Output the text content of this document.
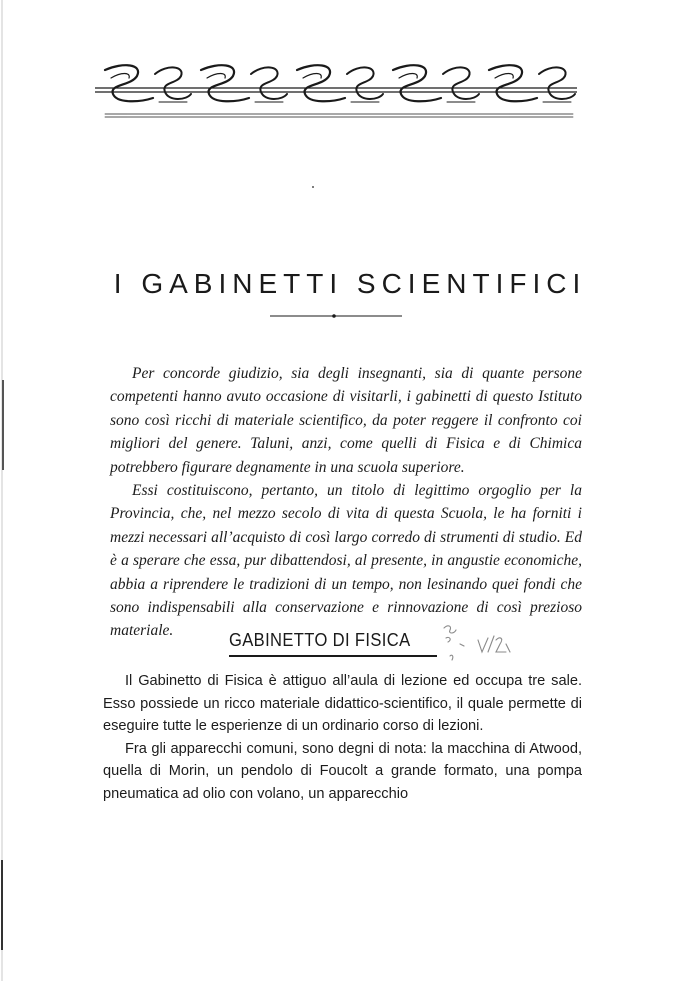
I GABINETTI SCIENTIFICI

Per concorde giudizio, sia degli insegnanti, sia di quante persone competenti hanno avuto occasione di visitarli, i gabinetti di questo Istituto sono così ricchi di materiale scientifico, da poter reggere il confronto coi migliori del genere. Taluni, anzi, come quelli di Fisica e di Chimica potrebbero figurare degnamente in una scuola superiore.

Essi costituiscono, pertanto, un titolo di legittimo orgoglio per la Provincia, che, nel mezzo secolo di vita di questa Scuola, le ha forniti i mezzi necessari all’acquisto di così largo corredo di strumenti di studio. Ed è a sperare che essa, pur dibattendosi, al presente, in angustie economiche, abbia a riprendere le tradizioni di un tempo, non lesinando quei fondi che sono indispensabili alla conservazione e rinnovazione di così prezioso materiale.	GABINETTO DI FISICA

Il Gabinetto di Fisica è attiguo all’aula di lezione ed occupa tre sale. Esso possiede un ricco materiale didattico-scientifico, il quale permette di eseguire tutte le esperienze di un ordinario corso di lezioni.

Fra gli apparecchi comuni, sono degni di nota: la macchina di Atwood, quella di Morin, un pendolo di Foucolt a grande formato, una pompa pneumatica ad olio con volano, un apparecchio
